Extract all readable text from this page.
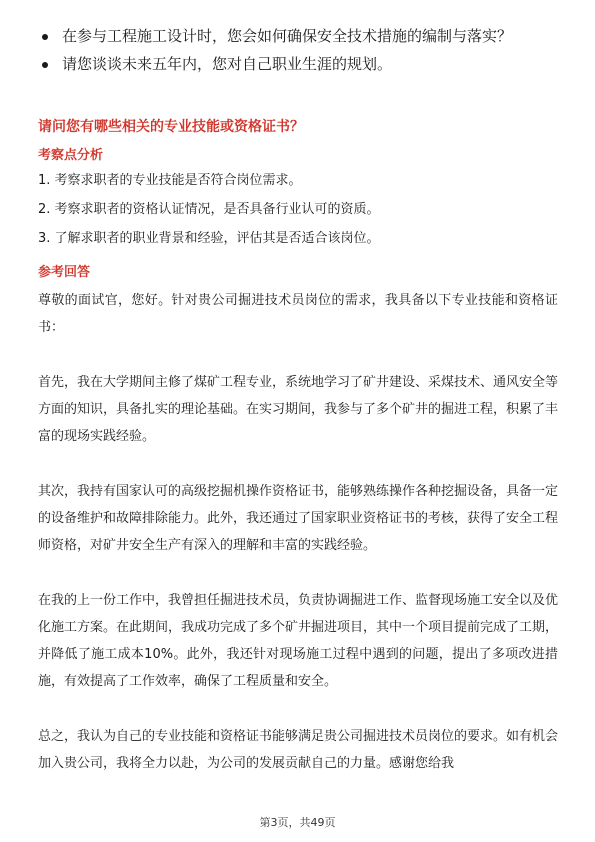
在参与工程施工设计时，您会如何确保安全技术措施的编制与落实？
请您谈谈未来五年内，您对自己职业生涯的规划。
请问您有哪些相关的专业技能或资格证书？
考察点分析
1. 考察求职者的专业技能是否符合岗位需求。
2. 考察求职者的资格认证情况，是否具备行业认可的资质。
3. 了解求职者的职业背景和经验，评估其是否适合该岗位。
参考回答

尊敬的面试官，您好。针对贵公司掘进技术员岗位的需求，我具备以下专业技能和资格证书：

首先，我在大学期间主修了煤矿工程专业，系统地学习了矿井建设、采煤技术、通风安全等方面的知识，具备扎实的理论基础。在实习期间，我参与了多个矿井的掘进工程，积累了丰富的现场实践经验。

其次，我持有国家认可的高级挖掘机操作资格证书，能够熟练操作各种挖掘设备，具备一定的设备维护和故障排除能力。此外，我还通过了国家职业资格证书的考核，获得了安全工程师资格，对矿井安全生产有深入的理解和丰富的实践经验。

在我的上一份工作中，我曾担任掘进技术员，负责协调掘进工作、监督现场施工安全以及优化施工方案。在此期间，我成功完成了多个矿井掘进项目，其中一个项目提前完成了工期，并降低了施工成本10%。此外，我还针对现场施工过程中遇到的问题，提出了多项改进措施，有效提高了工作效率，确保了工程质量和安全。

总之，我认为自己的专业技能和资格证书能够满足贵公司掘进技术员岗位的要求。如有机会加入贵公司，我将全力以赴，为公司的发展贡献自己的力量。感谢您给我

第3页，共49页
